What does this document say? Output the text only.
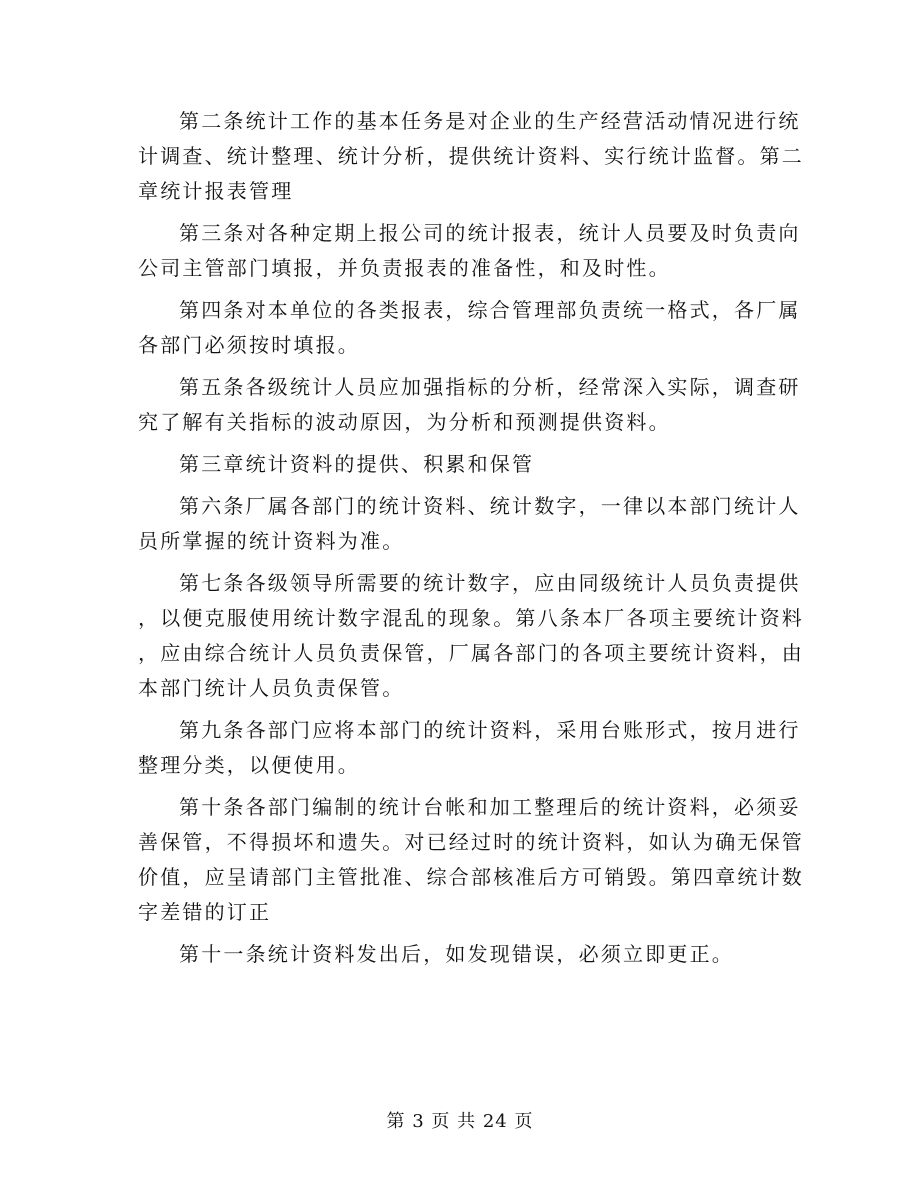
第二条统计工作的基本任务是对企业的生产经营活动情况进行统
计调查、统计整理、统计分析，提供统计资料、实行统计监督。第二
章统计报表管理

第三条对各种定期上报公司的统计报表，统计人员要及时负责向
公司主管部门填报，并负责报表的准备性，和及时性。

第四条对本单位的各类报表，综合管理部负责统一格式，各厂属
各部门必须按时填报。

第五条各级统计人员应加强指标的分析，经常深入实际，调查研
究了解有关指标的波动原因，为分析和预测提供资料。

第三章统计资料的提供、积累和保管

第六条厂属各部门的统计资料、统计数字，一律以本部门统计人
员所掌握的统计资料为准。

第七条各级领导所需要的统计数字，应由同级统计人员负责提供
，以便克服使用统计数字混乱的现象。第八条本厂各项主要统计资料
，应由综合统计人员负责保管，厂属各部门的各项主要统计资料，由
本部门统计人员负责保管。

第九条各部门应将本部门的统计资料，采用台账形式，按月进行
整理分类，以便使用。

第十条各部门编制的统计台帐和加工整理后的统计资料，必须妥
善保管，不得损坏和遗失。对已经过时的统计资料，如认为确无保管
价值，应呈请部门主管批准、综合部核准后方可销毁。第四章统计数
字差错的订正

第十一条统计资料发出后，如发现错误，必须立即更正。

第 3 页 共 24 页
